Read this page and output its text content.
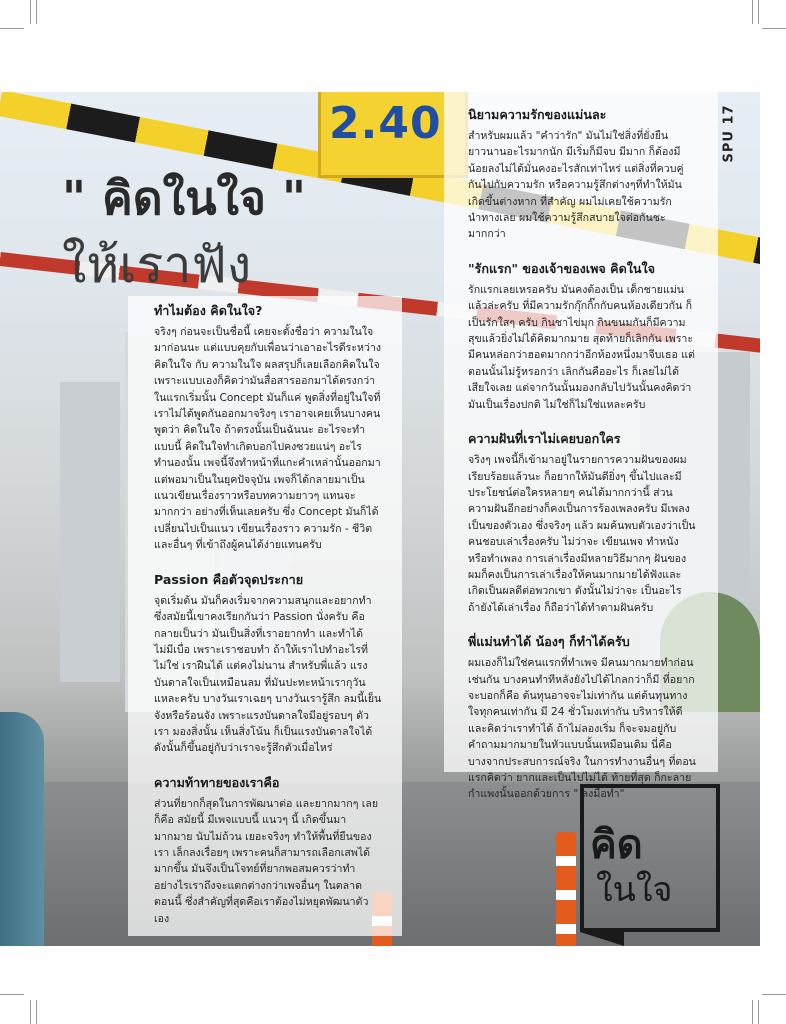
2.40
" คิดในใจ "
ให้เราฟัง
SPU 17
ทำไมต้อง คิดในใจ?

จริงๆ ก่อนจะเป็นชื่อนี้ เคยจะตั้งชื่อว่า ความในใจ มาก่อนนะ แต่แบบคุยกับเพื่อนว่าเอาอะไรดีระหว่าง คิดในใจ กับ ความในใจ ผลสรุปก็เลยเลือกคิดในใจ เพราะแบบเองก็คิดว่ามันสื่อสารออกมาได้ตรงกว่า ในแรกเริ่มนั้น Concept มันก็แค่ พูดสิ่งที่อยู่ในใจที่เราไม่ได้พูดกันออกมาจริงๆ เราอาจเคยเห็นบางคนพูดว่า คิดในใจ ถ้าตรงนั้นเป็นฉันนะ อะไรจะทำแบบนี้ คิดในใจทำเกิดบอกไปคงซวยแน่ๆ อะไรทำนองนั้น เพจนี้จึงทำหน้าที่แกะคำเหล่านั้นออกมา แต่พอมาเป็นในยุคปัจจุบัน เพจก็ได้กลายมาเป็นแนวเขียนเรื่องราวหรือบทความยาวๆ แทนจะมากกว่า อย่างที่เห็นเลยครับ ซึ่ง Concept มันก็ได้เปลี่ยนไปเป็นแนว เขียนเรื่องราว ความรัก - ชีวิต และอื่นๆ ที่เข้าถึงผู้คนได้ง่ายแทนครับ

Passion คือตัวจุดประกาย

จุดเริ่มต้น มันก็คงเริ่มจากความสนุกและอยากทำ ซึ่งสมัยนี้เขาคงเรียกกันว่า Passion นั่งครับ คือกลายเป็นว่า มันเป็นสิ่งที่เราอยากทำ และทำได้ไม่มีเบื่อ เพราะเราชอบทำ ถ้าให้เราไปทำอะไรที่ไม่ใช่ เราฝืนได้ แต่คงไม่นาน สำหรับพี่แล้ว แรงบันดาลใจเป็นเหมือนลม ที่มันปะทะหน้าเรากุวันแหละครับ บางวันเราเฉยๆ บางวันเรารู้สึก ลมนี้เย็นจังหรือร้อนจัง เพราะแรงบันดาลใจมีอยู่รอบๆ ตัวเรา มองสิ่งนั้น เห็นสิ่งโน้น ก็เป็นแรงบันดาลใจได้ ดังนั้นก็ขึ้นอยู่กับว่าเราจะรู้สึกตัวเมื่อไหร่

ความท้าทายของเราคือ

ส่วนที่ยากก็สุดในการพัฒนาต่อ และยากมากๆ เลยก็คือ สมัยนี้ มีเพจแบบนี้ แนวๆ นี้ เกิดขึ้นมามากมาย นับไม่ถ้วน เยอะจริงๆ ทำให้พื้นที่ยืนของเรา เล็กลงเรื่อยๆ เพราะคนก็สามารถเลือกเสพได้มากขึ้น มันจึงเป็นโจทย์ที่ยากพอสมควรว่าทำอย่างไรเราถึงจะแตกต่างกว่าเพจอื่นๆ ในตลาดตอนนี้ ซึ่งสำคัญที่สุดคือเราต้องไม่หยุดพัฒนาตัวเอง

นิยามความรักของแม่นละ

สำหรับผมแล้ว "คำว่ารัก" มันไม่ใช่สิ่งที่ยั่งยืนยาวนานอะไรมากนัก มีเริ่มก็มีจบ มีมาก ก็ต้องมีน้อยลงไม่ได้มั่นคงอะไรสักเท่าไหร่ แต่สิ่งที่ควบคู่กันไปกับความรัก หรือความรู้สึกต่างๆที่ทำให้มันเกิดขึ้นต่างหาก ที่สำคัญ ผมไม่เคยใช้ความรักนำทางเลย ผมใช้ความรู้สึกสบายใจต่อกันชะมากกว่า

"รักแรก" ของเจ้าของเพจ คิดในใจ

รักแรกเลยเหรอครับ มันคงต้องเป็น เด็กชายแม่น แล้วล่ะครับ ที่มีความรักกุ๊กกิ๊กกับคนห้องเดียวกัน ก็เป็นรักใสๆ ครับ กินชาไข่มุก กินขนมกันก็มีความสุขแล้วยิ่งไม่ได้คิดมากมาย สุดท้ายก็เลิกกัน เพราะมีคนหล่อกว่าฮอตมากกว่าอีกห้องหนึ่งมาจีบเธอ แต่ตอนนั้นไม่รู้หรอกว่า เลิกกันคืออะไร ก็เลยไม่ได้เสียใจเลย แต่จากวันนั้นมองกลับไปวันนั้นคงคิดว่ามันเป็นเรื่องปกติ ไม่ใช่ก็ไม่ใช่แหละครับ

ความฝันที่เราไม่เคยบอกใคร

จริงๆ เพจนี้ก็เข้ามาอยู่ในรายการความฝันของผมเรียบร้อยแล้วนะ ก็อยากให้มันดียิ่งๆ ขึ้นไปและมีประโยชน์ต่อใครหลายๆ คนได้มากกว่านี้ ส่วนความฝันอีกอย่างก็คงเป็นการร้องเพลงครับ มีเพลงเป็นของตัวเอง ซึ่งจริงๆ แล้ว ผมค้นพบตัวเองว่าเป็นคนชอบเล่าเรื่องครับ ไม่ว่าจะ เขียนเพจ ทำหนัง หรือทำเพลง การเล่าเรื่องมีหลายวิธีมากๆ ฝันของผมก็คงเป็นการเล่าเรื่องให้คนมากมายได้ฟังและเกิดเป็นผลดีต่อพวกเขา ดังนั้นไม่ว่าจะ เป็นอะไร ถ้ายังได้เล่าเรื่อง ก็ถือว่าได้ทำตามฝันครับ

พี่แม่นทำได้ น้องๆ ก็ทำได้ครับ

ผมเองก็ไม่ใช่คนแรกที่ทำเพจ มีคนมากมายทำก่อนเช่นกัน บางคนทำทีหลังยังไปได้ไกลกว่าก็มี ที่อยากจะบอกก็คือ ต้นทุนอาจจะไม่เท่ากัน แต่ต้นทุนทางใจทุกคนเท่ากัน มี 24 ชั่วโมงเท่ากัน บริหารให้ดี และคิดว่าเราทำได้ ถ้าไม่ลองเริ่ม ก็จะจมอยู่กับ คำถามมากมายในหัวแบบนั้นเหมือนเดิม นี่คือบางจากประสบการณ์จริง ในการทำงานอื่นๆ ที่ตอนแรกคิดว่า ยากและเป็นไปไม่ได้ ท้ายที่สุด ก็กะลายกำแพงนั้นออกด้วยการ " ลงมือทำ"

คิด
ในใจ
